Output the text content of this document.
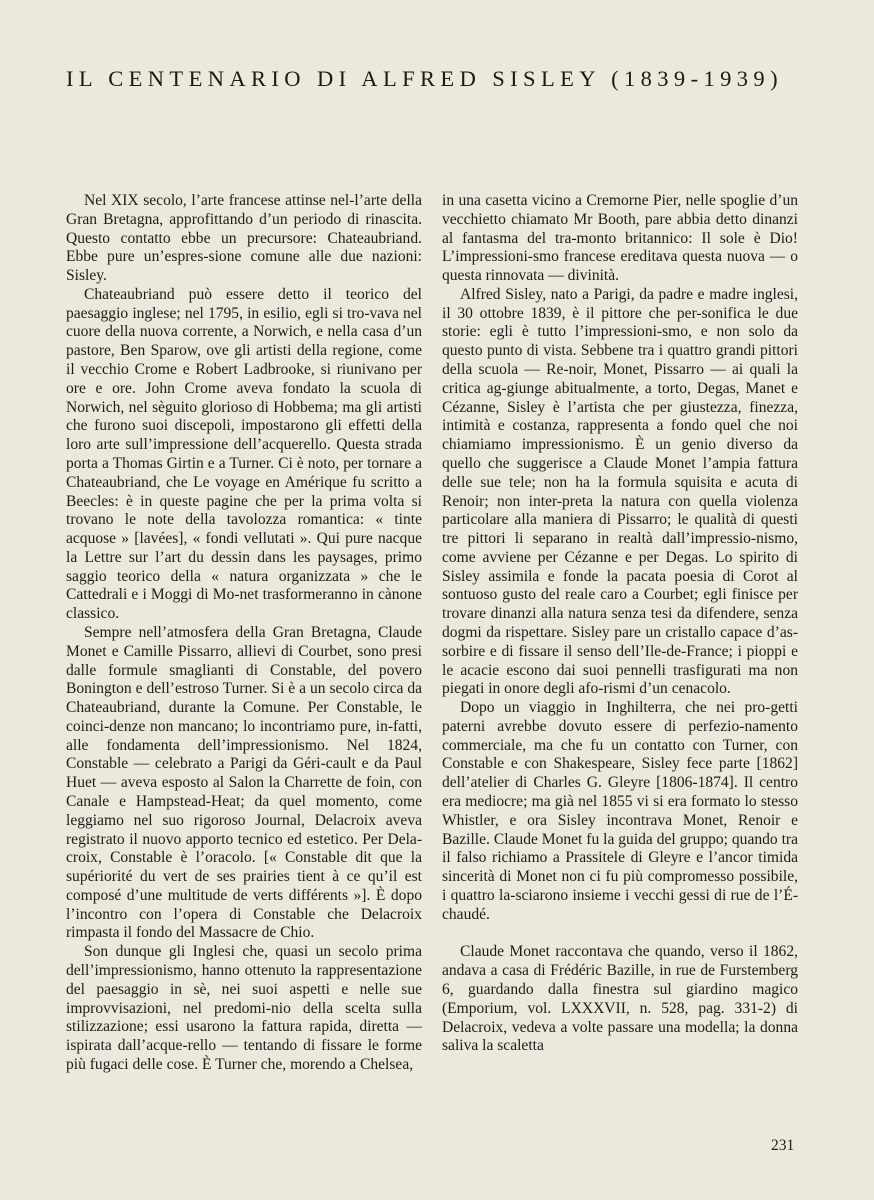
IL CENTENARIO DI ALFRED SISLEY (1839-1939)

Nel XIX secolo, l’arte francese attinse nel-l’arte della Gran Bretagna, approfittando d’un periodo di rinascita. Questo contatto ebbe un precursore: Chateaubriand. Ebbe pure un’espres-sione comune alle due nazioni: Sisley.

Chateaubriand può essere detto il teorico del paesaggio inglese; nel 1795, in esilio, egli si tro-vava nel cuore della nuova corrente, a Norwich, e nella casa d’un pastore, Ben Sparow, ove gli artisti della regione, come il vecchio Crome e Robert Ladbrooke, si riunivano per ore e ore. John Crome aveva fondato la scuola di Norwich, nel sèguito glorioso di Hobbema; ma gli artisti che furono suoi discepoli, impostarono gli effetti della loro arte sull’impressione dell’acquerello. Questa strada porta a Thomas Girtin e a Turner. Ci è noto, per tornare a Chateaubriand, che Le voyage en Amérique fu scritto a Beecles: è in queste pagine che per la prima volta si trovano le note della tavolozza romantica: « tinte acquose » [lavées], « fondi vellutati ». Qui pure nacque la Lettre sur l’art du dessin dans les paysages, primo saggio teorico della « natura organizzata » che le Cattedrali e i Moggi di Mo-net trasformeranno in cànone classico.

Sempre nell’atmosfera della Gran Bretagna, Claude Monet e Camille Pissarro, allievi di Courbet, sono presi dalle formule smaglianti di Constable, del povero Bonington e dell’estroso Turner. Si è a un secolo circa da Chateaubriand, durante la Comune. Per Constable, le coinci-denze non mancano; lo incontriamo pure, in-fatti, alle fondamenta dell’impressionismo. Nel 1824, Constable — celebrato a Parigi da Géri-cault e da Paul Huet — aveva esposto al Salon la Charrette de foin, con Canale e Hampstead-Heat; da quel momento, come leggiamo nel suo rigoroso Journal, Delacroix aveva registrato il nuovo apporto tecnico ed estetico. Per Dela-croix, Constable è l’oracolo. [« Constable dit que la supériorité du vert de ses prairies tient à ce qu’il est composé d’une multitude de verts différents »]. È dopo l’incontro con l’opera di Constable che Delacroix rimpasta il fondo del Massacre de Chio.

Son dunque gli Inglesi che, quasi un secolo prima dell’impressionismo, hanno ottenuto la rappresentazione del paesaggio in sè, nei suoi aspetti e nelle sue improvvisazioni, nel predomi-nio della scelta sulla stilizzazione; essi usarono la fattura rapida, diretta — ispirata dall’acque-rello — tentando di fissare le forme più fugaci delle cose. È Turner che, morendo a Chelsea,

in una casetta vicino a Cremorne Pier, nelle spoglie d’un vecchietto chiamato Mr Booth, pare abbia detto dinanzi al fantasma del tra-monto britannico: Il sole è Dio! L’impressioni-smo francese ereditava questa nuova — o questa rinnovata — divinità.

Alfred Sisley, nato a Parigi, da padre e madre inglesi, il 30 ottobre 1839, è il pittore che per-sonifica le due storie: egli è tutto l’impressioni-smo, e non solo da questo punto di vista. Sebbene tra i quattro grandi pittori della scuola — Re-noir, Monet, Pissarro — ai quali la critica ag-giunge abitualmente, a torto, Degas, Manet e Cézanne, Sisley è l’artista che per giustezza, finezza, intimità e costanza, rappresenta a fondo quel che noi chiamiamo impressionismo. È un genio diverso da quello che suggerisce a Claude Monet l’ampia fattura delle sue tele; non ha la formula squisita e acuta di Renoir; non inter-preta la natura con quella violenza particolare alla maniera di Pissarro; le qualità di questi tre pittori li separano in realtà dall’impressio-nismo, come avviene per Cézanne e per Degas. Lo spirito di Sisley assimila e fonde la pacata poesia di Corot al sontuoso gusto del reale caro a Courbet; egli finisce per trovare dinanzi alla natura senza tesi da difendere, senza dogmi da rispettare. Sisley pare un cristallo capace d’as-sorbire e di fissare il senso dell’Ile-de-France; i pioppi e le acacie escono dai suoi pennelli trasfigurati ma non piegati in onore degli afo-rismi d’un cenacolo.

Dopo un viaggio in Inghilterra, che nei pro-getti paterni avrebbe dovuto essere di perfezio-namento commerciale, ma che fu un contatto con Turner, con Constable e con Shakespeare, Sisley fece parte [1862] dell’atelier di Charles G. Gleyre [1806-1874]. Il centro era mediocre; ma già nel 1855 vi si era formato lo stesso Whistler, e ora Sisley incontrava Monet, Renoir e Bazille. Claude Monet fu la guida del gruppo; quando tra il falso richiamo a Prassitele di Gleyre e l’ancor timida sincerità di Monet non ci fu più compromesso possibile, i quattro la-sciarono insieme i vecchi gessi di rue de l’É-chaudé.

Claude Monet raccontava che quando, verso il 1862, andava a casa di Frédéric Bazille, in rue de Furstemberg 6, guardando dalla finestra sul giardino magico (Emporium, vol. LXXXVII, n. 528, pag. 331-2) di Delacroix, vedeva a volte passare una modella; la donna saliva la scaletta

231
